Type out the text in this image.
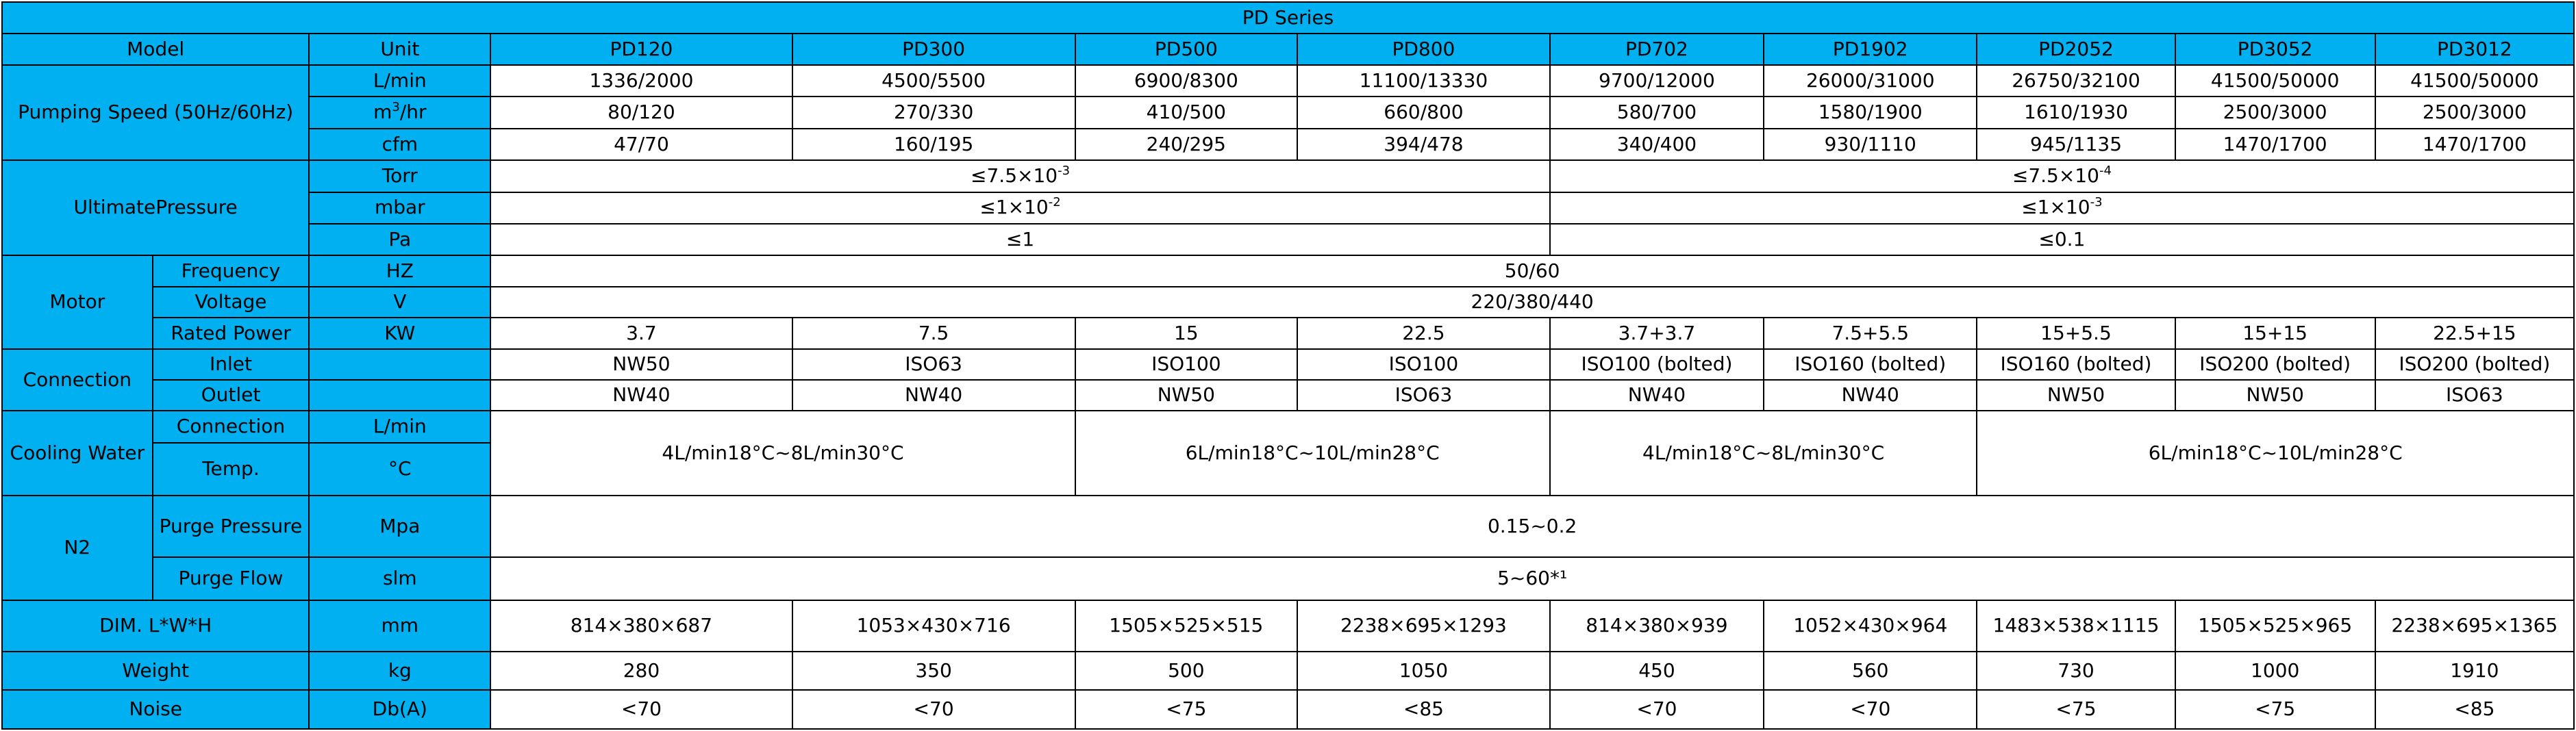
PD Series											
Model		Unit	PD120	PD300	PD500	PD800	PD702	PD1902	PD2052	PD3052	PD3012
Pumping Speed (50Hz/60Hz)		L/min	1336/2000	4500/5500	6900/8300	11100/13330	9700/12000	26000/31000	26750/32100	41500/50000	41500/50000
		$m^3/hr$	80/120	270/330	410/500	660/800	580/700	1580/1900	1610/1930	2500/3000	2500/3000
		cfm	47/70	160/195	240/295	394/478	340/400	930/1110	945/1135	1470/1700	1470/1700
UltimatePressure		Torr	$\le 7.5\times 10^{-3}$				$\le 7.5\times 10^{-4}$
		mbar	$\le 1\times 10^{-2}$				$\le 1\times 10^{-3}$
		Pa	≤1				≤0.1				
Motor	Frequency	HZ	50/60								
	Voltage	V	220/380/440								
	Rated Power	KW	3.7	7.5	15	22.5	3.7+3.7	7.5+5.5	15+5.5	15+15	22.5+15
Connection	Inlet		NW50	ISO63	ISO100	ISO100	ISO100 (bolted)	ISO160 (bolted)	ISO160 (bolted)	ISO200 (bolted)	ISO200 (bolted)
	Outlet		NW40	NW40	NW50	ISO63	NW40	NW40	NW50	NW50	ISO63
Cooling Water	Connection	L/min	4L/min18°C~8L/min30°C		6L/min18°C~10L/min28°C		4L/min18°C~8L/min30°C		6L/min18°C~10L/min28°C		
	Temp.	°C									
N2	Purge Pressure	Mpa	0.15~0.2								
	Purge Flow	slm	5~60*¹								
DIM. L*W*H		mm	814×380×687	1053×430×716	1505×525×515	2238×695×1293	814×380×939	1052×430×964	1483×538×1115	1505×525×965	2238×695×1365
Weight		kg	280	350	500	1050	450	560	730	1000	1910
Noise		Db(A)	<70	<70	<75	<85	<70	<70	<75	<75	<85
